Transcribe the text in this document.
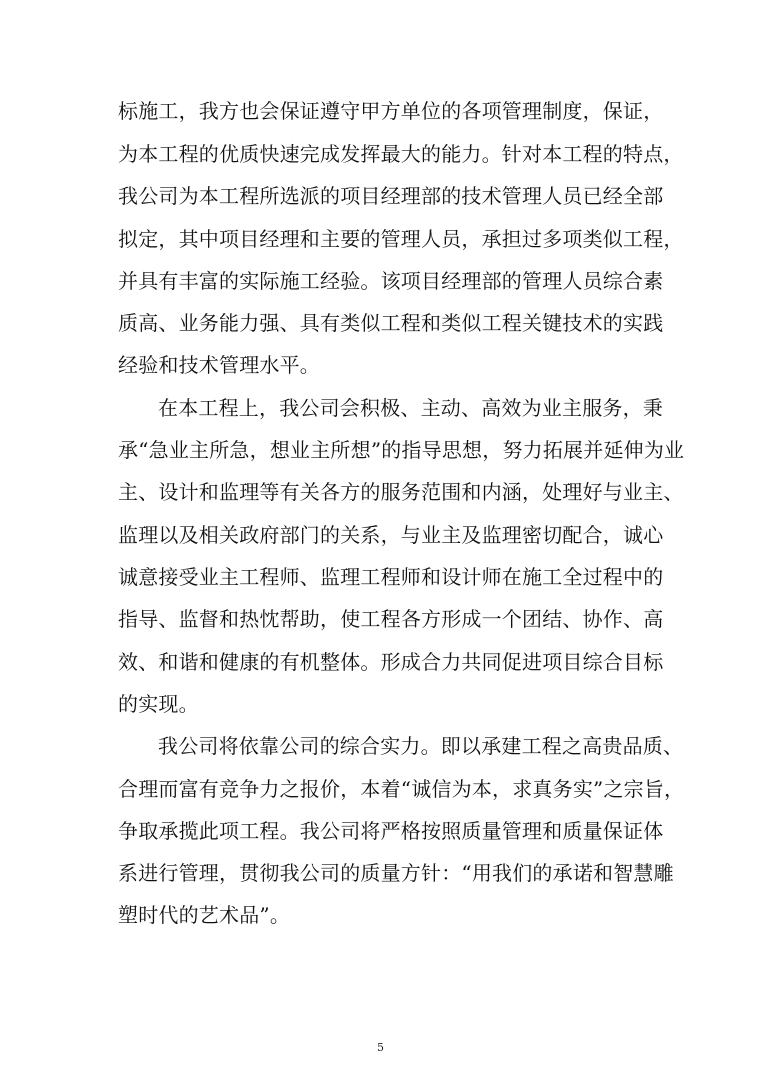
标施工，我方也会保证遵守甲方单位的各项管理制度，保证，
为本工程的优质快速完成发挥最大的能力。针对本工程的特点，
我公司为本工程所选派的项目经理部的技术管理人员已经全部
拟定，其中项目经理和主要的管理人员，承担过多项类似工程，
并具有丰富的实际施工经验。该项目经理部的管理人员综合素
质高、业务能力强、具有类似工程和类似工程关键技术的实践
经验和技术管理水平。
在本工程上，我公司会积极、主动、高效为业主服务，秉
承“急业主所急，想业主所想”的指导思想，努力拓展并延伸为业
主、设计和监理等有关各方的服务范围和内涵，处理好与业主、
监理以及相关政府部门的关系，与业主及监理密切配合，诚心
诚意接受业主工程师、监理工程师和设计师在施工全过程中的
指导、监督和热忱帮助，使工程各方形成一个团结、协作、高
效、和谐和健康的有机整体。形成合力共同促进项目综合目标
的实现。
我公司将依靠公司的综合实力。即以承建工程之高贵品质、
合理而富有竞争力之报价，本着“诚信为本，求真务实”之宗旨，
争取承揽此项工程。我公司将严格按照质量管理和质量保证体
系进行管理，贯彻我公司的质量方针：“用我们的承诺和智慧雕
塑时代的艺术品”。
5
